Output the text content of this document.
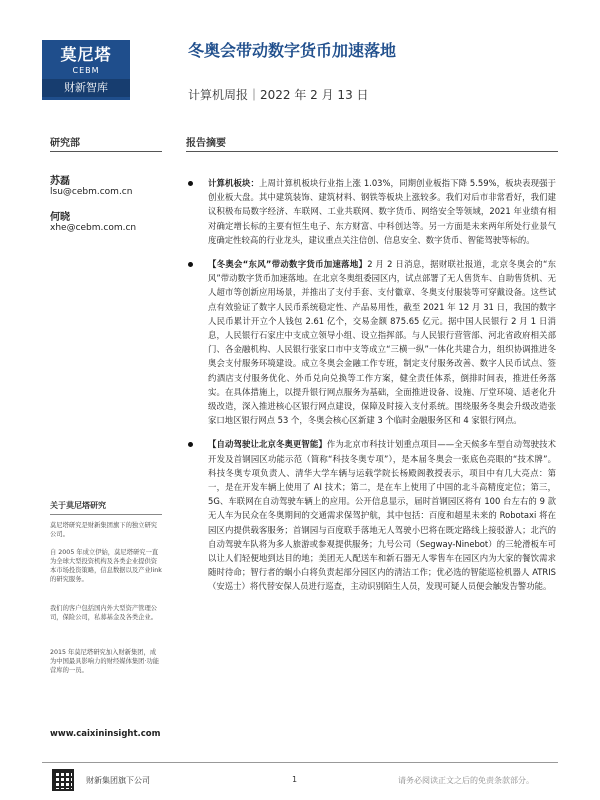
莫尼塔
CEBM
财新智库
冬奥会带动数字货币加速落地
计算机周报｜2022 年 2 月 13 日
研究部	报告摘要
苏磊
lsu@cebm.com.cn
何晓
xhe@cebm.com.cn
关于莫尼塔研究
莫尼塔研究是财新集团旗下的独立研究公司。
自 2005 年成立伊始，莫尼塔研究一直为全球大型投资机构及各类企业提供资本市场投资策略，信息数据以及产业link的研究服务。
我们的客户包括国内外大型资产管理公司，保险公司，私募基金及各类企业。
2015 年莫尼塔研究加入财新集团，成为中国最具影响力的财经媒体集团·功能营库的一员。
www.caixininsight.com
计算机板块：上周计算机板块行业指上涨 1.03%，同期创业板指下降 5.59%，板块表现强于创业板大盘。其中建筑装饰、建筑材料、钢铁等板块上涨较多。我们对后市非常看好，我们建议积极布局数字经济、车联网、工业共联网、数字货币、网络安全等领域，2021 年业绩有相对确定增长标的主要有恒生电子、东方财富、中科创达等。另一方面是未来两年所处行业景气度确定性较高的行业龙头，建议重点关注信创、信息安全、数字货币、智能驾驶等标的。
【冬奥会“东风”带动数字货币加速落地】2 月 2 日消息，据财联社报道，北京冬奥会的“东风”带动数字货币加速落地。在北京冬奥组委园区内，试点部署了无人售货车、自助售货机、无人超市等创新应用场景，并推出了支付手套、支付徽章、冬奥支付服装等可穿戴设备。这些试点有效验证了数字人民币系统稳定性、产品易用性，截至 2021 年 12 月 31 日，我国的数字人民币累计开立个人钱包 2.61 亿个，交易金额 875.65 亿元。据中国人民银行 2 月 1 日消息，人民银行石家庄中支成立领导小组、设立指挥部。与人民银行营管部、河北省政府相关部门、各金融机构、人民银行张家口市中支等成立“三横一纵”一体化共建合力，组织协调推进冬奥会支付服务环境建设。成立冬奥会金融工作专班，制定支付服务改善、数字人民币试点、签约酒店支付服务优化、外币兑向兑换等工作方案，健全责任体系，倒排时间表，推进任务落实。在具体措施上，以提升银行网点服务为基础，全面推进设备、设施、厅堂环境、适老化升级改造，深入推进核心区银行网点建设，保障及时接入支付系统。围绕服务冬奥会升级改造张家口地区银行网点 53 个，冬奥会核心区新建 3 个临时金融服务区和 4 家银行网点。
【自动驾驶让北京冬奥更智能】作为北京市科技计划重点项目——全天候多车型自动驾驶技术开发及首钢园区功能示范（简称“科技冬奥专项”），是本届冬奥会一张底色亮眼的“技术牌”。科技冬奥专项负责人、清华大学车辆与运载学院长杨殿阁教授表示，项目中有几大亮点：第一，是在开发车辆上使用了 AI 技术；第二，是在车上使用了中国的北斗高精度定位；第三，5G、车联网在自动驾驶车辆上的应用。公开信息显示，届时首钢园区将有 100 台左右的 9 款无人车为民众在冬奥期间的交通需求保驾护航，其中包括：百度和超星未来的 Robotaxi 将在园区内提供载客服务；首钢园与百度联手落地无人驾驶小巴将在既定路线上接驳游人；北汽的自动驾驶车队将为多人旅游或参观提供服务；九号公司（Segway-Ninebot）的三轮滑板车可以让人们轻便地到达目的地；美团无人配送车和新石器无人零售车在园区内为大家的餐饮需求随时待命；智行者的蜗小白将负责起部分园区内的清洁工作；优必选的智能巡检机器人 ATRIS（安巡士）将代替安保人员进行巡查，主动识别陌生人员，发现可疑人员便会触发告警功能。
财新集团旗下公司	1	请务必阅读正文之后的免责条款部分。
